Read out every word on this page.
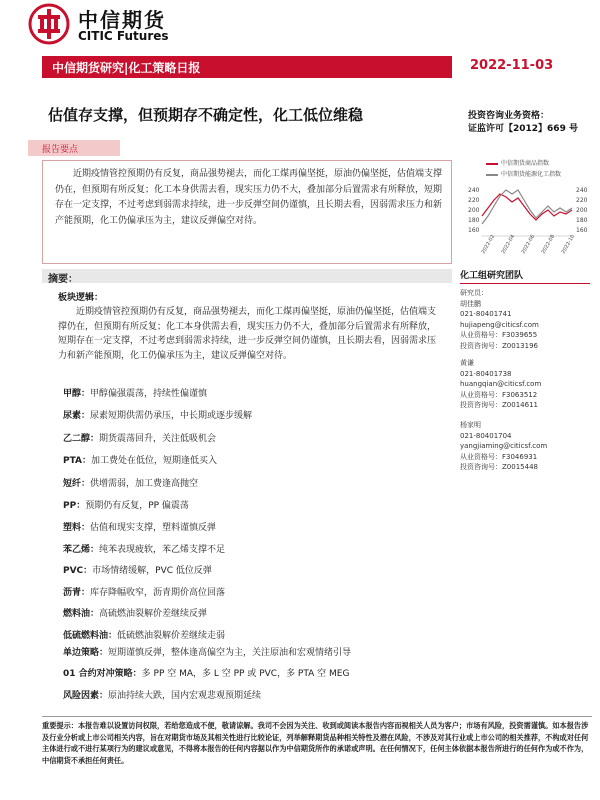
中信期货
CITIC Futures
中信期货研究|化工策略日报	2022-11-03
估值存支撑，但预期存不确定性，化工低位维稳	投资咨询业务资格：
证监许可【2012】669 号
报告要点

近期疫情管控预期仍有反复，商品强势褪去，而化工煤再偏坚挺，原油仍偏坚挺，估值端支撑仍在，但预期有所反复；化工本身供需去看，现实压力仍不大，叠加部分后置需求有所释放，短期存在一定支撑，不过考虑到弱需求持续，进一步反弹空间仍谨慎，且长期去看，因弱需求压力和新产能预期，化工仍偏承压为主，建议反弹偏空对待。

中信期货商品指数
中信期货能源化工指数
240
220
200
180
160
240
220
200
180
160
2022-02 2022-04 2022-06 2022-08 2022-10
摘要：
板块逻辑：

近期疫情管控预期仍有反复，商品强势褪去，而化工煤再偏坚挺，原油仍偏坚挺，估值端支撑仍在，但预期有所反复；化工本身供需去看，现实压力仍不大，叠加部分后置需求有所释放，短期存在一定支撑，不过考虑到弱需求持续，进一步反弹空间仍谨慎，且长期去看，因弱需求压力和新产能预期，化工仍偏承压为主，建议反弹偏空对待。

甲醇：甲醇偏强震荡，持续性偏谨慎
尿素：尿素短期供需仍承压，中长期或逐步缓解
乙二醇：期货震荡回升，关注低吸机会
PTA：加工费处在低位，短期逢低买入
短纤：供增需弱，加工费逢高抛空
PP：预期仍有反复，PP 偏震荡
塑料：估值和现实支撑，塑料谨慎反弹
苯乙烯：纯苯表现疲软，苯乙烯支撑不足
PVC：市场情绪缓解，PVC 低位反弹
沥青：库存降幅收窄，沥青期价高位回落
燃料油：高硫燃油裂解价差继续反弹
低硫燃料油：低硫燃油裂解价差继续走弱
单边策略：短期谨慎反弹，整体逢高偏空为主，关注原油和宏观情绪引导
01 合约对冲策略：多 PP 空 MA，多 L 空 PP 或 PVC，多 PTA 空 MEG
风险因素：原油持续大跌，国内宏观悲观预期延续
化工组研究团队
研究员：
胡佳鹏
021-80401741
hujiapeng@citicsf.com
从业资格号：F3039655
投资咨询号：Z0013196
黄谦
021-80401738
huangqian@citicsf.com
从业资格号：F3063512
投资咨询号：Z0014611
杨家明
021-80401704
yangjiaming@citicsf.com
从业资格号：F3046931
投资咨询号：Z0015448

重要提示：本报告难以设置访问权限，若给您造成不便，敬请谅解。我司不会因为关注、收到或阅读本报告内容而视相关人员为客户；市场有风险，投资需谨慎。如本报告涉及行业分析或上市公司相关内容，旨在对期货市场及其相关性进行比较论证，列举解释期货品种相关特性及潜在风险，不涉及对其行业或上市公司的相关推荐，不构成对任何主体进行或不进行某项行为的建议或意见，不得将本报告的任何内容据以作为中信期货所作的承诺或声明。在任何情况下，任何主体依据本报告所进行的任何作为或不作为，中信期货不承担任何责任。
